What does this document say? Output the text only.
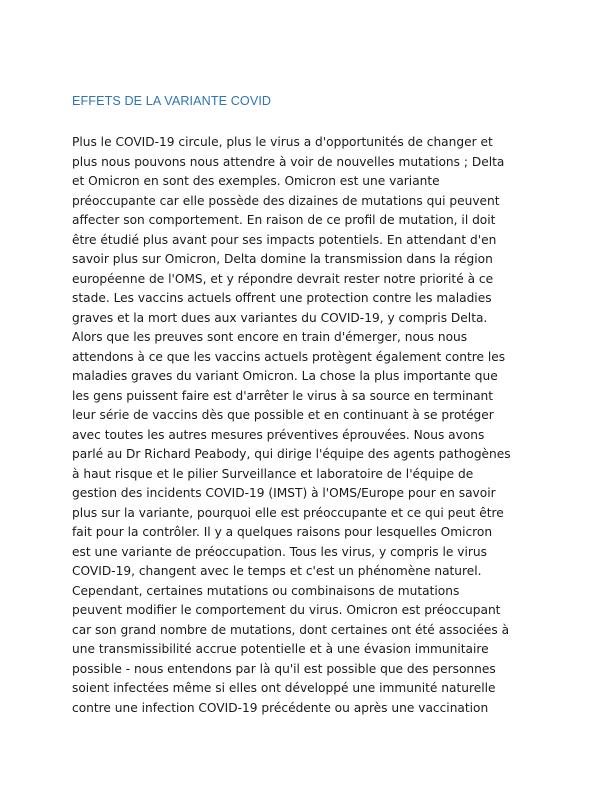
EFFETS DE LA VARIANTE COVID
Plus le COVID-19 circule, plus le virus a d'opportunités de changer et
plus nous pouvons nous attendre à voir de nouvelles mutations ; Delta
et Omicron en sont des exemples. Omicron est une variante
préoccupante car elle possède des dizaines de mutations qui peuvent
affecter son comportement. En raison de ce profil de mutation, il doit
être étudié plus avant pour ses impacts potentiels. En attendant d'en
savoir plus sur Omicron, Delta domine la transmission dans la région
européenne de l'OMS, et y répondre devrait rester notre priorité à ce
stade. Les vaccins actuels offrent une protection contre les maladies
graves et la mort dues aux variantes du COVID-19, y compris Delta.
Alors que les preuves sont encore en train d'émerger, nous nous
attendons à ce que les vaccins actuels protègent également contre les
maladies graves du variant Omicron. La chose la plus importante que
les gens puissent faire est d'arrêter le virus à sa source en terminant
leur série de vaccins dès que possible et en continuant à se protéger
avec toutes les autres mesures préventives éprouvées. Nous avons
parlé au Dr Richard Peabody, qui dirige l'équipe des agents pathogènes
à haut risque et le pilier Surveillance et laboratoire de l'équipe de
gestion des incidents COVID-19 (IMST) à l'OMS/Europe pour en savoir
plus sur la variante, pourquoi elle est préoccupante et ce qui peut être
fait pour la contrôler. Il y a quelques raisons pour lesquelles Omicron
est une variante de préoccupation. Tous les virus, y compris le virus
COVID-19, changent avec le temps et c'est un phénomène naturel.
Cependant, certaines mutations ou combinaisons de mutations
peuvent modifier le comportement du virus. Omicron est préoccupant
car son grand nombre de mutations, dont certaines ont été associées à
une transmissibilité accrue potentielle et à une évasion immunitaire
possible - nous entendons par là qu'il est possible que des personnes
soient infectées même si elles ont développé une immunité naturelle
contre une infection COVID-19 précédente ou après une vaccination
